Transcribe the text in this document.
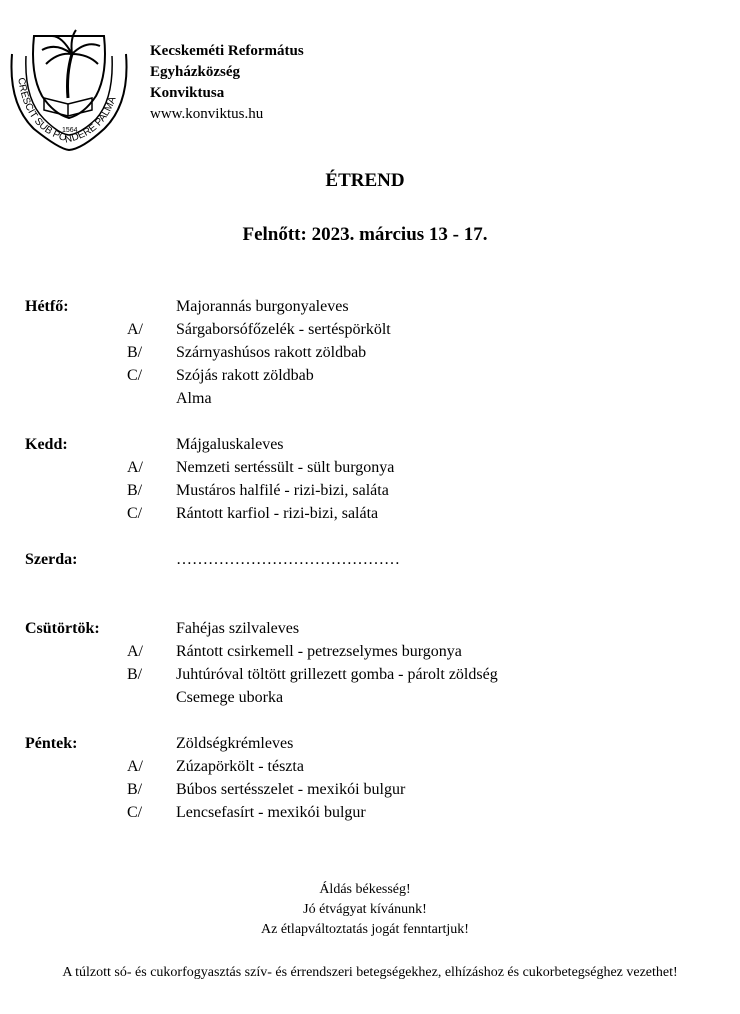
CRESCIT SUB PONDERE PALMA
1564
Kecskeméti Református
Egyházközség
Konviktusa
www.konviktus.hu
ÉTREND
Felnőtt: 2023. március 13 - 17.
Hétfő:	Majorannás burgonyaleves
A/ Sárgaborsófőzelék - sertéspörkölt
B/ Szárnyashúsos rakott zöldbab
C/ Szójás rakott zöldbab
Alma
Kedd:	Májgaluskaleves
A/ Nemzeti sertéssült - sült burgonya
B/ Mustáros halfilé - rizi-bizi, saláta
C/ Rántott karfiol - rizi-bizi, saláta
Szerda:	……………………………………
Csütörtök:	Fahéjas szilvaleves
A/ Rántott csirkemell - petrezselymes burgonya
B/ Juhtúróval töltött grillezett gomba - párolt zöldség
Csemege uborka
Péntek:	Zöldségkrémleves
A/ Zúzapörkölt - tészta
B/ Búbos sertésszelet - mexikói bulgur
C/ Lencsefasírt - mexikói bulgur
Áldás békesség!
Jó étvágyat kívánunk!
Az étlapváltoztatás jogát fenntartjuk!
A túlzott só- és cukorfogyasztás szív- és érrendszeri betegségekhez, elhízáshoz és cukorbetegséghez vezethet!
